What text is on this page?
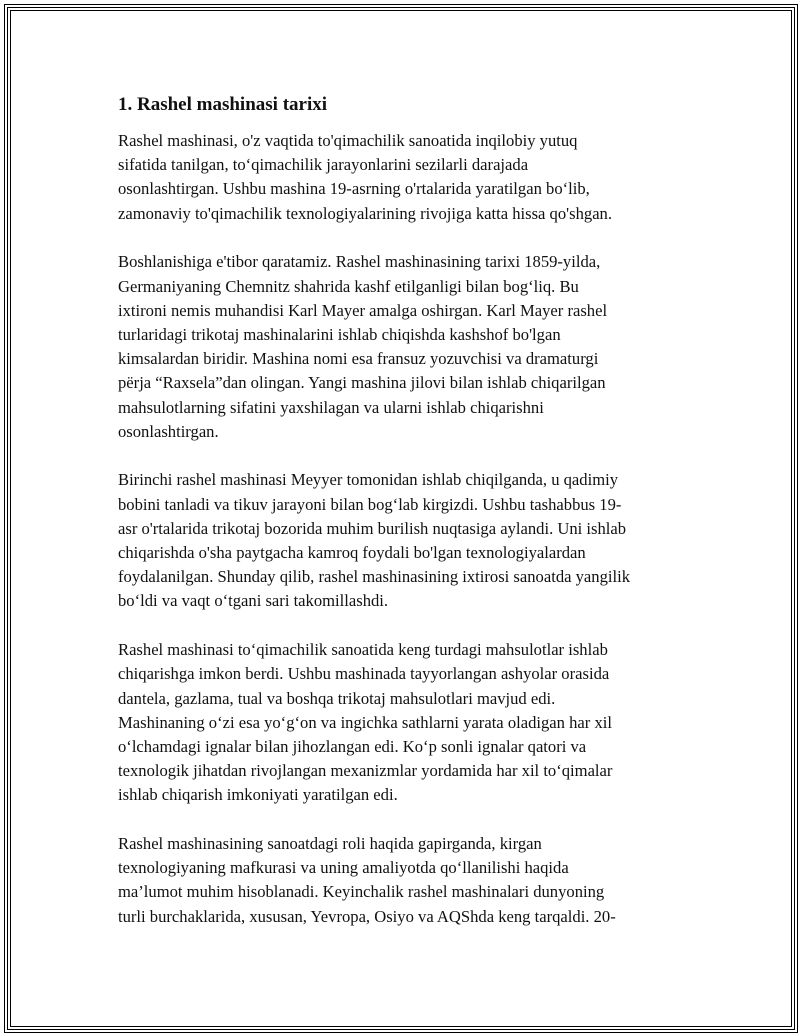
1. Rashel mashinasi tarixi

Rashel mashinasi, o'z vaqtida to'qimachilik sanoatida inqilobiy yutuq
sifatida tanilgan, to‘qimachilik jarayonlarini sezilarli darajada
osonlashtirgan. Ushbu mashina 19-asrning o'rtalarida yaratilgan bo‘lib,
zamonaviy to'qimachilik texnologiyalarining rivojiga katta hissa qo'shgan.

Boshlanishiga e'tibor qaratamiz. Rashel mashinasining tarixi 1859-yilda,
Germaniyaning Chemnitz shahrida kashf etilganligi bilan bog‘liq. Bu
ixtironi nemis muhandisi Karl Mayer amalga oshirgan. Karl Mayer rashel
turlaridagi trikotaj mashinalarini ishlab chiqishda kashshof bo'lgan
kimsalardan biridir. Mashina nomi esa fransuz yozuvchisi va dramaturgi
pёrja “Raxsela”dan olingan. Yangi mashina jilovi bilan ishlab chiqarilgan
mahsulotlarning sifatini yaxshilagan va ularni ishlab chiqarishni
osonlashtirgan.

Birinchi rashel mashinasi Meyyer tomonidan ishlab chiqilganda, u qadimiy
bobini tanladi va tikuv jarayoni bilan bog‘lab kirgizdi. Ushbu tashabbus 19-
asr o'rtalarida trikotaj bozorida muhim burilish nuqtasiga aylandi. Uni ishlab
chiqarishda o'sha paytgacha kamroq foydali bo'lgan texnologiyalardan
foydalanilgan. Shunday qilib, rashel mashinasining ixtirosi sanoatda yangilik
bo‘ldi va vaqt o‘tgani sari takomillashdi.

Rashel mashinasi to‘qimachilik sanoatida keng turdagi mahsulotlar ishlab
chiqarishga imkon berdi. Ushbu mashinada tayyorlangan ashyolar orasida
dantela, gazlama, tual va boshqa trikotaj mahsulotlari mavjud edi.
Mashinaning o‘zi esa yo‘g‘on va ingichka sathlarni yarata oladigan har xil
o‘lchamdagi ignalar bilan jihozlangan edi. Ko‘p sonli ignalar qatori va
texnologik jihatdan rivojlangan mexanizmlar yordamida har xil to‘qimalar
ishlab chiqarish imkoniyati yaratilgan edi.

Rashel mashinasining sanoatdagi roli haqida gapirganda, kirgan
texnologiyaning mafkurasi va uning amaliyotda qo‘llanilishi haqida
ma’lumot muhim hisoblanadi. Keyinchalik rashel mashinalari dunyoning
turli burchaklarida, xususan, Yevropa, Osiyo va AQShda keng tarqaldi. 20-
